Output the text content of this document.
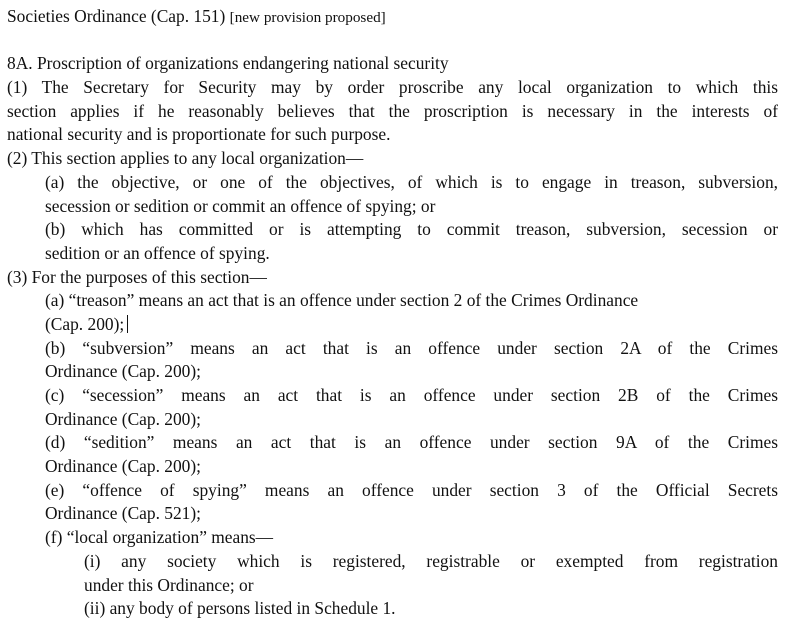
Societies Ordinance (Cap. 151) [new provision proposed]
8A. Proscription of organizations endangering national security
(1) The Secretary for Security may by order proscribe any local organization to which this
section applies if he reasonably believes that the proscription is necessary in the interests of
national security and is proportionate for such purpose.
(2) This section applies to any local organization—
(a) the objective, or one of the objectives, of which is to engage in treason, subversion,
secession or sedition or commit an offence of spying; or
(b) which has committed or is attempting to commit treason, subversion, secession or
sedition or an offence of spying.
(3) For the purposes of this section—
(a) “treason” means an act that is an offence under section 2 of the Crimes Ordinance
(Cap. 200);
(b) “subversion” means an act that is an offence under section 2A of the Crimes
Ordinance (Cap. 200);
(c) “secession” means an act that is an offence under section 2B of the Crimes
Ordinance (Cap. 200);
(d) “sedition” means an act that is an offence under section 9A of the Crimes
Ordinance (Cap. 200);
(e) “offence of spying” means an offence under section 3 of the Official Secrets
Ordinance (Cap. 521);
(f) “local organization” means—
(i) any society which is registered, registrable or exempted from registration
under this Ordinance; or
(ii) any body of persons listed in Schedule 1.
